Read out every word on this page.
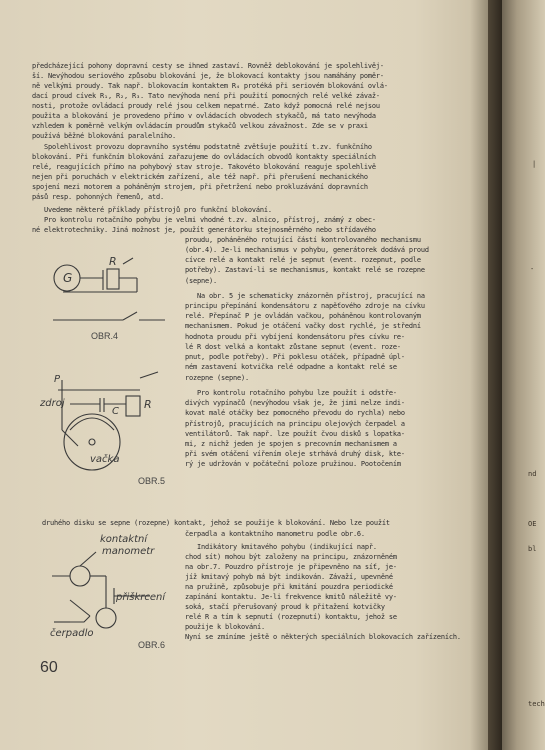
|
-
nd
OE
bl
tech
předcházející pohony dopravní cesty se ihned zastaví. Rovněž deblokování je spolehlivěj-
ší. Nevýhodou seriového způsobu blokování je, že blokovací kontakty jsou namáhány poměr-
ně velkými proudy. Tak např. blokovacím kontaktem R₄ protéká při seriovém blokování ovlá-
dací proud cívek R₁, R₂, R₃. Tato nevýhoda není při použití pomocných relé velké závaž-
nosti, protože ovládací proudy relé jsou celkem nepatrné. Zato když pomocná relé nejsou
použita a blokování je provedeno přímo v ovládacích obvodech stykačů, má tato nevýhoda
vzhledem k poměrně velkým ovládacím proudům stykačů velkou závažnost. Zde se v praxi
používá běžné blokování paralelního.
Spolehlivost provozu dopravního systému podstatně zvětšuje použití t.zv. funkčního
blokování. Při funkčním blokování zařazujeme do ovládacích obvodů kontakty speciálních
relé, reagujících přímo na pohybový stav stroje. Takovéto blokování reaguje spolehlivě
nejen při poruchách v elektrickém zařízení, ale též např. při přerušení mechanického
spojení mezi motorem a poháněným strojem, při přetržení nebo prokluzávání dopravních
pásů resp. pohonných řemenů, atd.
Uvedeme některé příklady přístrojů pro funkční blokování.
Pro kontrolu rotačního pohybu je velmi vhodné t.zv. alnico, přístroj, známý z obec-
né elektrotechniky. Jiná možnost je, použít generátorku stejnosměrného nebo střídavého
proudu, poháněného rotující částí kontrolovaného mechanismu
(obr.4). Je-li mechanismus v pohybu, generátorek dodává proud
cívce relé a kontakt relé je sepnut (event. rozepnut, podle
potřeby). Zastaví-li se mechanismus, kontakt relé se rozepne
(sepne).
Na obr. 5 je schematicky znázorněn přístroj, pracující na
principu přepínání kondensátoru z napěťového zdroje na cívku
relé. Přepínač P je ovládán vačkou, poháněnou kontrolovaným
mechanismem. Pokud je otáčení vačky dost rychlé, je střední
hodnota proudu při vybíjení kondensátoru přes cívku re-
lé R dost velká a kontakt zůstane sepnut (event. roze-
pnut, podle potřeby). Při poklesu otáček, případně úpl-
ném zastavení kotvička relé odpadne a kontakt relé se
rozepne (sepne).
Pro kontrolu rotačního pohybu lze použít i odstře-
divých vypínačů (nevýhodou však je, že jimi nelze indi-
kovat malé otáčky bez pomocného převodu do rychla) nebo
přístrojů, pracujících na principu olejových čerpadel a
ventilátorů. Tak např. lze použít čvou disků s lopatka-
mi, z nichž jeden je spojen s precovním mechanismem a
při svém otáčení vířením oleje strhává druhý disk, kte-
rý je udržován v počáteční poloze pružinou. Pootočením
druhého disku se sepne (rozepne) kontakt, jehož se použije k blokování. Nebo lze použít
čerpadla a kontaktního manometru podle obr.6.
Indikátory kmitavého pohybu (indikující např.
chod sít) mohou být založeny na principu, znázorněném
na obr.7. Pouzdro přístroje je připevněno na síť, je-
jíž kmitavý pohyb má být indikován. Závaží, upevněné
na pružině, způsobuje při kmitání pouzdra periodické
zapínání kontaktu. Je-li frekvence kmitů náležitě vy-
soká, stačí přerušovaný proud k přitažení kotvičky
relé R a tím k sepnutí (rozepnutí) kontaktu, jehož se
použije k blokování.
Nyní se zmíníme ještě o některých speciálních blokovacích zařízeních.
G
R
OBR.4
P
zdroj
C
R
vačka
OBR.5
kontaktní
manometr
přiškrcení
čerpadlo
OBR.6
60
